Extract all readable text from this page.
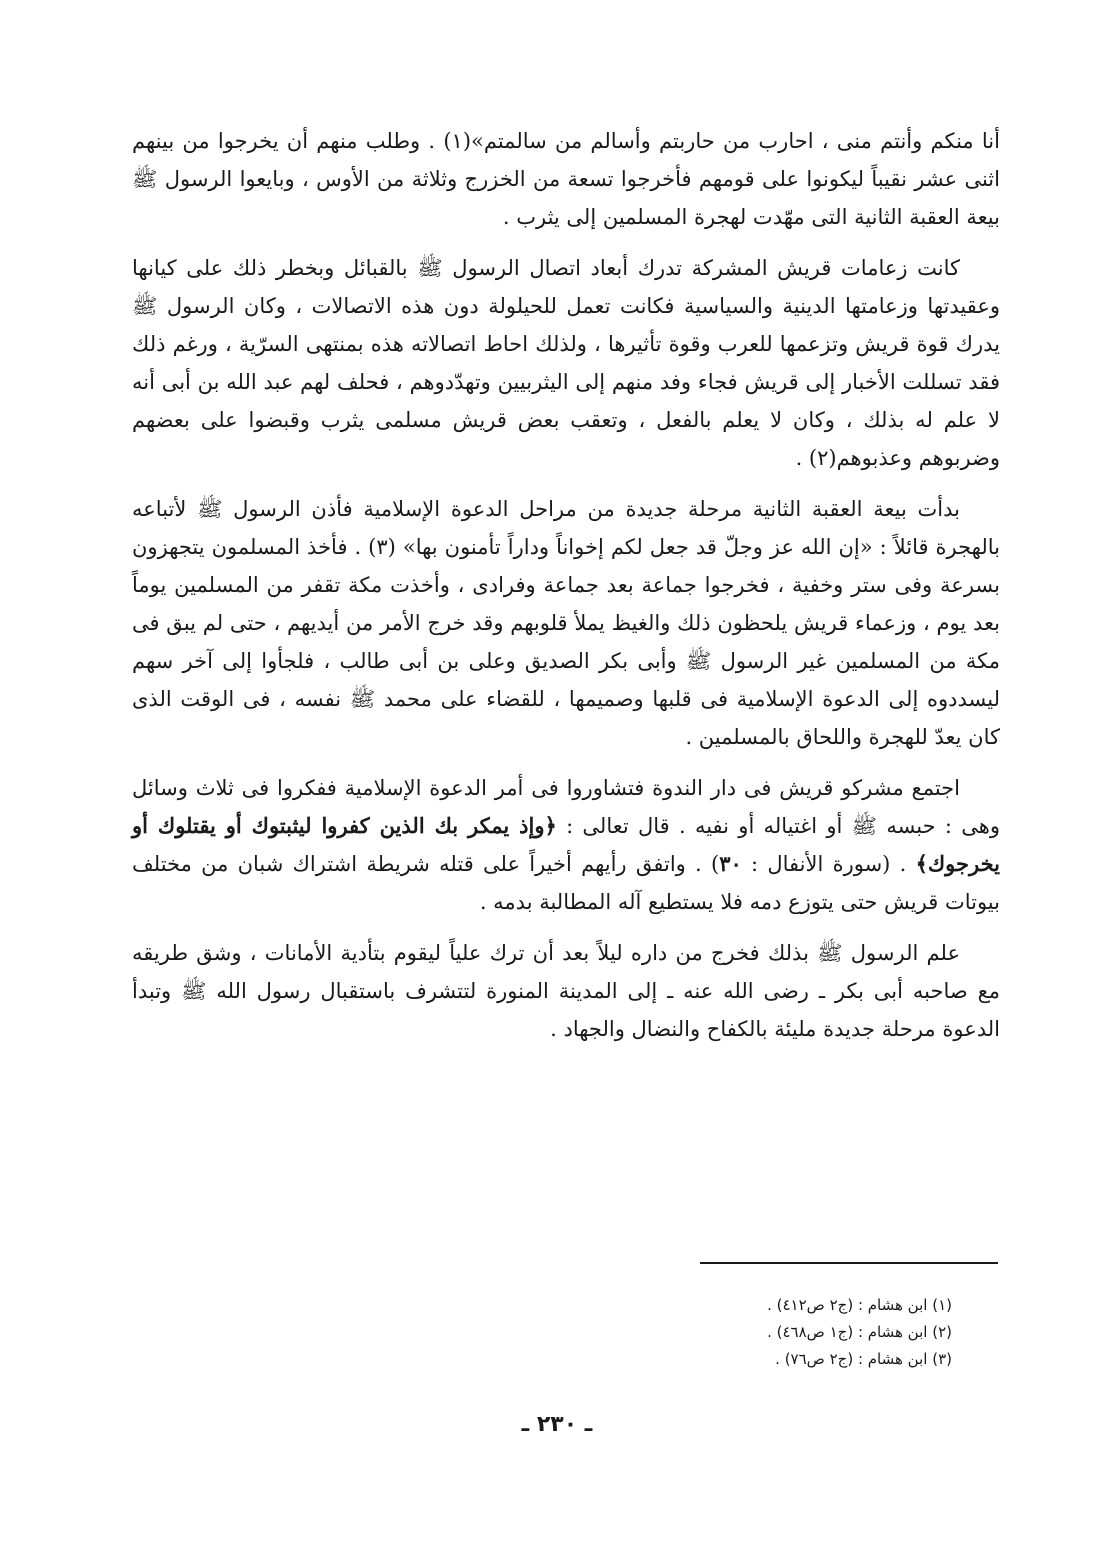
أنا منكم وأنتم منى ، احارب من حاربتم وأسالم من سالمتم»(١) . وطلب منهم أن يخرجوا من بينهم اثنى عشر نقيباً ليكونوا على قومهم فأخرجوا تسعة من الخزرج وثلاثة من الأوس ، وبايعوا الرسول ﷺ بيعة العقبة الثانية التى مهّدت لهجرة المسلمين إلى يثرب .

كانت زعامات قريش المشركة تدرك أبعاد اتصال الرسول ﷺ بالقبائل وبخطر ذلك على كيانها وعقيدتها وزعامتها الدينية والسياسية فكانت تعمل للحيلولة دون هذه الاتصالات ، وكان الرسول ﷺ يدرك قوة قريش وتزعمها للعرب وقوة تأثيرها ، ولذلك احاط اتصالاته هذه بمنتهى السرّية ، ورغم ذلك فقد تسللت الأخبار إلى قريش فجاء وفد منهم إلى اليثربيين وتهدّدوهم ، فحلف لهم عبد الله بن أبى أنه لا علم له بذلك ، وكان لا يعلم بالفعل ، وتعقب بعض قريش مسلمى يثرب وقبضوا على بعضهم وضربوهم وعذبوهم(٢) .

بدأت بيعة العقبة الثانية مرحلة جديدة من مراحل الدعوة الإسلامية فأذن الرسول ﷺ لأتباعه بالهجرة قائلاً : «إن الله عز وجلّ قد جعل لكم إخواناً وداراً تأمنون بها» (٣) . فأخذ المسلمون يتجهزون بسرعة وفى ستر وخفية ، فخرجوا جماعة بعد جماعة وفرادى ، وأخذت مكة تقفر من المسلمين يوماً بعد يوم ، وزعماء قريش يلحظون ذلك والغيظ يملأ قلوبهم وقد خرج الأمر من أيديهم ، حتى لم يبق فى مكة من المسلمين غير الرسول ﷺ وأبى بكر الصديق وعلى بن أبى طالب ، فلجأوا إلى آخر سهم ليسددوه إلى الدعوة الإسلامية فى قلبها وصميمها ، للقضاء على محمد ﷺ نفسه ، فى الوقت الذى كان يعدّ للهجرة واللحاق بالمسلمين .

اجتمع مشركو قريش فى دار الندوة فتشاوروا فى أمر الدعوة الإسلامية ففكروا فى ثلاث وسائل وهى : حبسه ﷺ أو اغتياله أو نفيه . قال تعالى : ﴿وإذ يمكر بك الذين كفروا ليثبتوك أو يقتلوك أو يخرجوك﴾ . (سورة الأنفال : ٣٠) . واتفق رأيهم أخيراً على قتله شريطة اشتراك شبان من مختلف بيوتات قريش حتى يتوزع دمه فلا يستطيع آله المطالبة بدمه .

علم الرسول ﷺ بذلك فخرج من داره ليلاً بعد أن ترك علياً ليقوم بتأدية الأمانات ، وشق طريقه مع صاحبه أبى بكر ـ رضى الله عنه ـ إلى المدينة المنورة لتتشرف باستقبال رسول الله ﷺ وتبدأ الدعوة مرحلة جديدة مليئة بالكفاح والنضال والجهاد .

(١) ابن هشام : (ج٢ ص٤١٢) .

(٢) ابن هشام : (ج١ ص٤٦٨) .

(٣) ابن هشام : (ج٢ ص٧٦) .

ـ ٢٣٠ ـ
